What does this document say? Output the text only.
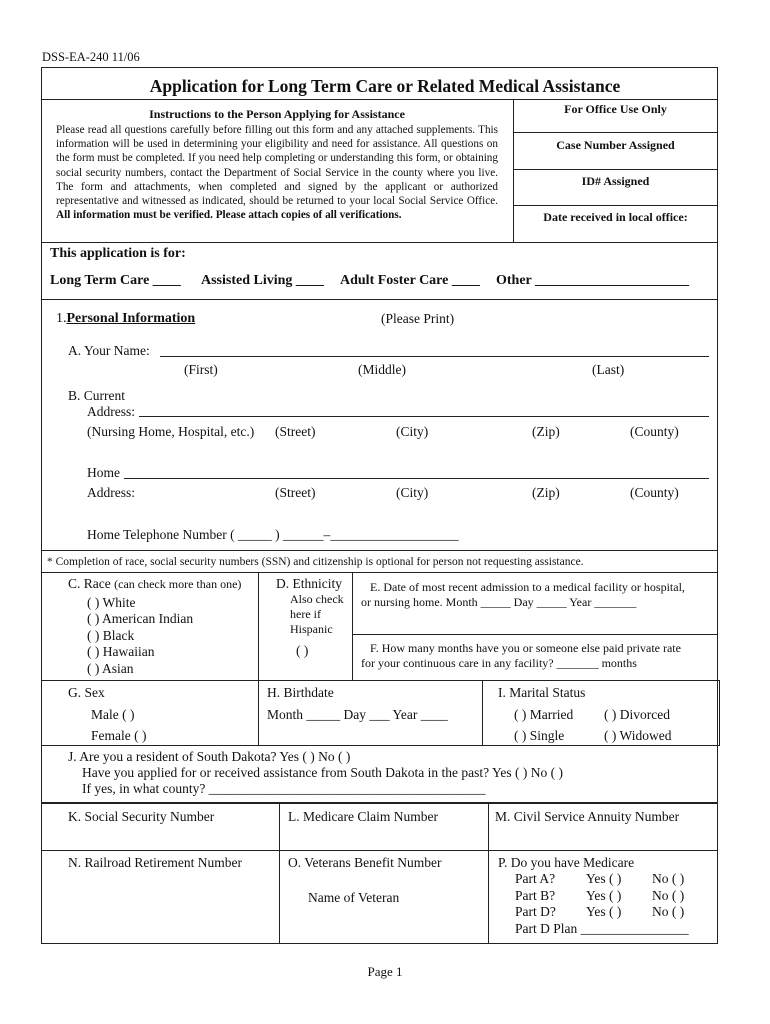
DSS-EA-240 11/06
Application for Long Term Care or Related Medical Assistance
Instructions to the Person Applying for Assistance
Please read all questions carefully before filling out this form and any attached supplements. This information will be used in determining your eligibility and need for assistance. All questions on the form must be completed. If you need help completing or understanding this form, or obtaining social security numbers, contact the Department of Social Service in the county where you live. The form and attachments, when completed and signed by the applicant or authorized representative and witnessed as indicated, should be returned to your local Social Service Office. All information must be verified. Please attach copies of all verifications.
For Office Use Only
Case Number Assigned
ID# Assigned
Date received in local office:
This application is for:
Long Term Care ____ Assisted Living ____ Adult Foster Care ____ Other ______________________
1.Personal Information	(Please Print)
A. Your Name:
(First)	(Middle)	(Last)
B. Current
Address:
(Nursing Home, Hospital, etc.) (Street)	(City)	(Zip)	(County)
Home
Address:	(Street)	(City)	(Zip)	(County)
Home Telephone Number ( _____ ) ______–___________________
* Completion of race, social security numbers (SSN) and citizenship is optional for person not requesting assistance.
C. Race (can check more than one)
( ) White
( ) American Indian
( ) Black
( ) Hawaiian
( ) Asian
D. Ethnicity
Also check
here if
Hispanic
( )
E. Date of most recent admission to a medical facility or hospital,
or nursing home. Month _____ Day _____ Year _______
F. How many months have you or someone else paid private rate
for your continuous care in any facility? _______ months
G. Sex
Male ( )
Female ( )
H. Birthdate
Month _____ Day ___ Year ____
I. Marital Status
( ) Married ( ) Divorced
( ) Single	( ) Widowed
J. Are you a resident of South Dakota? Yes ( ) No ( )
Have you applied for or received assistance from South Dakota in the past? Yes ( ) No ( )
If yes, in what county? _________________________________________
K. Social Security Number	L. Medicare Claim Number	M. Civil Service Annuity Number
N. Railroad Retirement Number	O. Veterans Benefit Number
Name of Veteran
P. Do you have Medicare
Part A? Yes ( ) No ( )
Part B? Yes ( ) No ( )
Part D? Yes ( ) No ( )
Part D Plan ________________
Page 1
